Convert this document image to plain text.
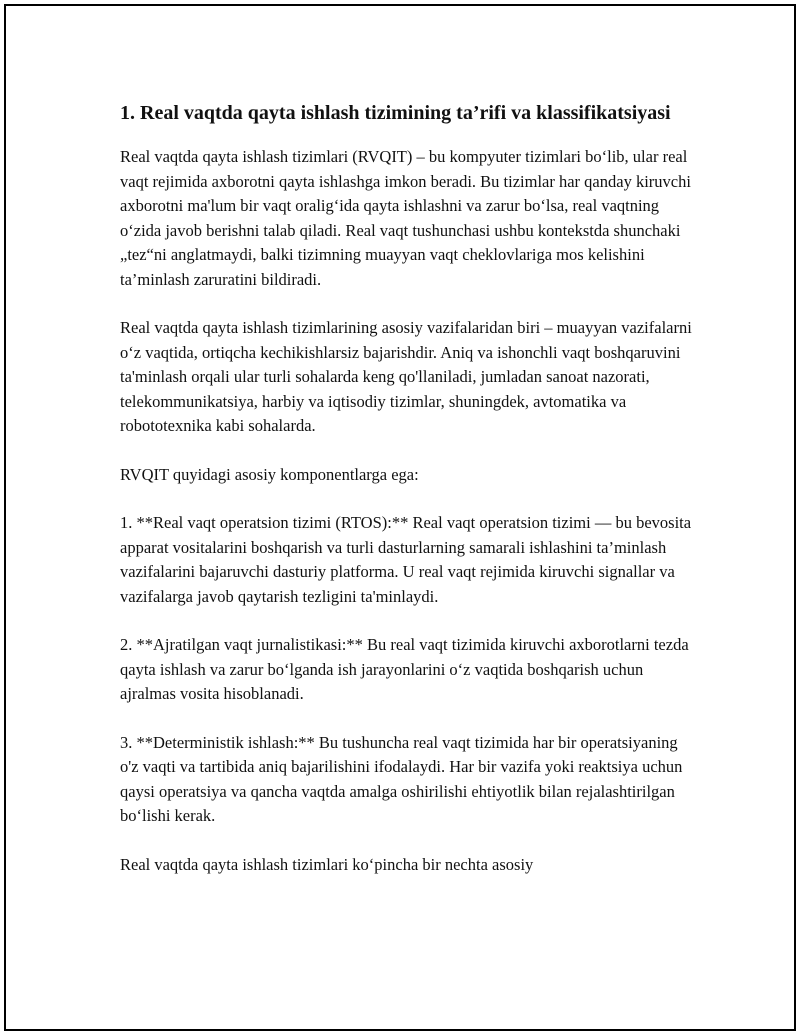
1. Real vaqtda qayta ishlash tizimining ta’rifi va klassifikatsiyasi

Real vaqtda qayta ishlash tizimlari (RVQIT) – bu kompyuter tizimlari bo‘lib, ular real vaqt rejimida axborotni qayta ishlashga imkon beradi. Bu tizimlar har qanday kiruvchi axborotni ma'lum bir vaqt oralig‘ida qayta ishlashni va zarur bo‘lsa, real vaqtning o‘zida javob berishni talab qiladi. Real vaqt tushunchasi ushbu kontekstda shunchaki „tez“ni anglatmaydi, balki tizimning muayyan vaqt cheklovlariga mos kelishini ta’minlash zaruratini bildiradi.

Real vaqtda qayta ishlash tizimlarining asosiy vazifalaridan biri – muayyan vazifalarni o‘z vaqtida, ortiqcha kechikishlarsiz bajarishdir. Aniq va ishonchli vaqt boshqaruvini ta'minlash orqali ular turli sohalarda keng qo'llaniladi, jumladan sanoat nazorati, telekommunikatsiya, harbiy va iqtisodiy tizimlar, shuningdek, avtomatika va robototexnika kabi sohalarda.

RVQIT quyidagi asosiy komponentlarga ega:

1. **Real vaqt operatsion tizimi (RTOS):** Real vaqt operatsion tizimi — bu bevosita apparat vositalarini boshqarish va turli dasturlarning samarali ishlashini ta’minlash vazifalarini bajaruvchi dasturiy platforma. U real vaqt rejimida kiruvchi signallar va vazifalarga javob qaytarish tezligini ta'minlaydi.

2. **Ajratilgan vaqt jurnalistikasi:** Bu real vaqt tizimida kiruvchi axborotlarni tezda qayta ishlash va zarur bo‘lganda ish jarayonlarini o‘z vaqtida boshqarish uchun ajralmas vosita hisoblanadi.

3. **Deterministik ishlash:** Bu tushuncha real vaqt tizimida har bir operatsiyaning o'z vaqti va tartibida aniq bajarilishini ifodalaydi. Har bir vazifa yoki reaktsiya uchun qaysi operatsiya va qancha vaqtda amalga oshirilishi ehtiyotlik bilan rejalashtirilgan bo‘lishi kerak.

Real vaqtda qayta ishlash tizimlari ko‘pincha bir nechta asosiy
